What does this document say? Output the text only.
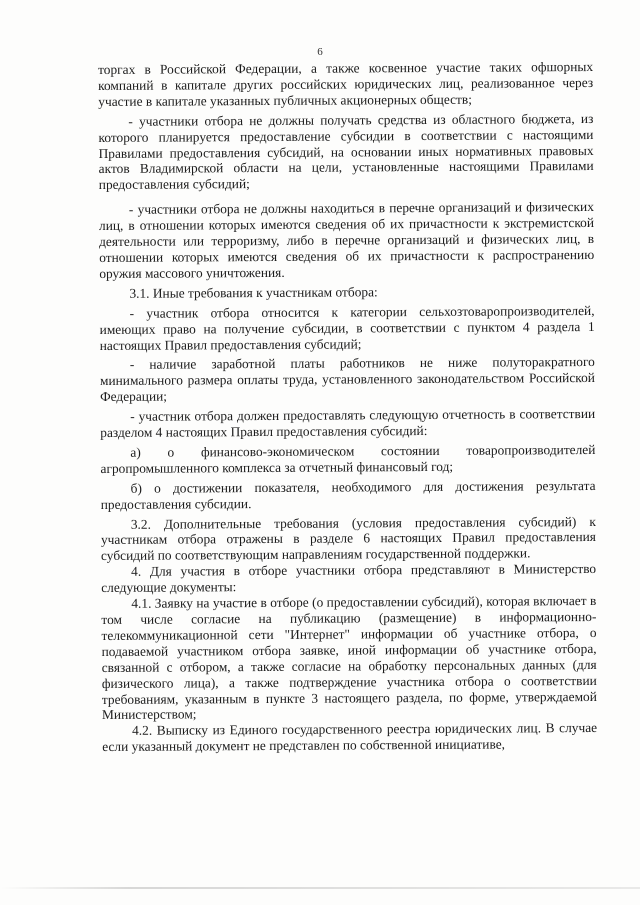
6

торгах в Российской Федерации, а также косвенное участие таких офшорных компаний в капитале других российских юридических лиц, реализованное через участие в капитале указанных публичных акционерных обществ;

- участники отбора не должны получать средства из областного бюджета, из которого планируется предоставление субсидии в соответствии с настоящими Правилами предоставления субсидий, на основании иных нормативных правовых актов Владимирской области на цели, установленные настоящими Правилами предоставления субсидий;

- участники отбора не должны находиться в перечне организаций и физических лиц, в отношении которых имеются сведения об их причастности к экстремистской деятельности или терроризму, либо в перечне организаций и физических лиц, в отношении которых имеются сведения об их причастности к распространению оружия массового уничтожения.

3.1. Иные требования к участникам отбора:

- участник отбора относится к категории сельхозтоваропроизводителей, имеющих право на получение субсидии, в соответствии с пунктом 4 раздела 1 настоящих Правил предоставления субсидий;

- наличие заработной платы работников не ниже полуторакратного минимального размера оплаты труда, установленного законодательством Российской Федерации;

- участник отбора должен предоставлять следующую отчетность в соответствии разделом 4 настоящих Правил предоставления субсидий:

а) о финансово-экономическом состоянии товаропроизводителей агропромышленного комплекса за отчетный финансовый год;

б) о достижении показателя, необходимого для достижения результата предоставления субсидии.

3.2. Дополнительные требования (условия предоставления субсидий) к участникам отбора отражены в разделе 6 настоящих Правил предоставления субсидий по соответствующим направлениям государственной поддержки.

4. Для участия в отборе участники отбора представляют в Министерство следующие документы:

4.1. Заявку на участие в отборе (о предоставлении субсидий), которая включает в том числе согласие на публикацию (размещение) в информационно-телекоммуникационной сети "Интернет" информации об участнике отбора, о подаваемой участником отбора заявке, иной информации об участнике отбора, связанной с отбором, а также согласие на обработку персональных данных (для физического лица), а также подтверждение участника отбора о соответствии требованиям, указанным в пункте 3 настоящего раздела, по форме, утверждаемой Министерством;

4.2. Выписку из Единого государственного реестра юридических лиц. В случае если указанный документ не представлен по собственной инициативе,
